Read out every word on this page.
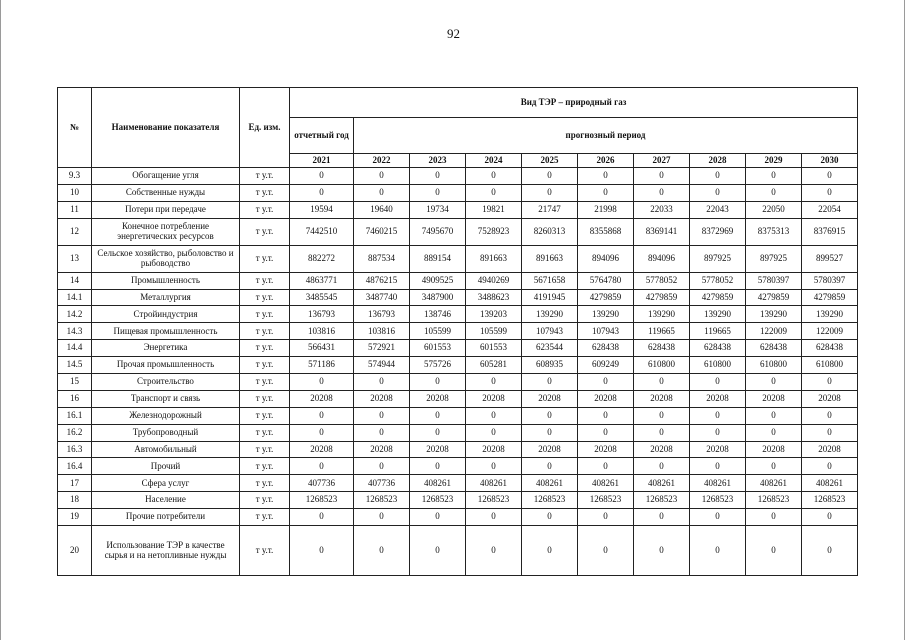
92
№	Наименование показателя	Ед. изм.	Вид ТЭР – природный газ									
			отчетный год	прогнозный период								
			2021	2022	2023	2024	2025	2026	2027	2028	2029	2030
9.3	Обогащение угля	т у.т.	0	0	0	0	0	0	0	0	0	0
10	Собственные нужды	т у.т.	0	0	0	0	0	0	0	0	0	0
11	Потери при передаче	т у.т.	19594	19640	19734	19821	21747	21998	22033	22043	22050	22054
12	Конечное потребление энергетических ресурсов	т у.т.	7442510	7460215	7495670	7528923	8260313	8355868	8369141	8372969	8375313	8376915
13	Сельское хозяйство, рыболовство и рыбоводство	т у.т.	882272	887534	889154	891663	891663	894096	894096	897925	897925	899527
14	Промышленность	т у.т.	4863771	4876215	4909525	4940269	5671658	5764780	5778052	5778052	5780397	5780397
14.1	Металлургия	т у.т.	3485545	3487740	3487900	3488623	4191945	4279859	4279859	4279859	4279859	4279859
14.2	Стройиндустрия	т у.т.	136793	136793	138746	139203	139290	139290	139290	139290	139290	139290
14.3	Пищевая промышленность	т у.т.	103816	103816	105599	105599	107943	107943	119665	119665	122009	122009
14.4	Энергетика	т у.т.	566431	572921	601553	601553	623544	628438	628438	628438	628438	628438
14.5	Прочая промышленность	т у.т.	571186	574944	575726	605281	608935	609249	610800	610800	610800	610800
15	Строительство	т у.т.	0	0	0	0	0	0	0	0	0	0
16	Транспорт и связь	т у.т.	20208	20208	20208	20208	20208	20208	20208	20208	20208	20208
16.1	Железнодорожный	т у.т.	0	0	0	0	0	0	0	0	0	0
16.2	Трубопроводный	т у.т.	0	0	0	0	0	0	0	0	0	0
16.3	Автомобильный	т у.т.	20208	20208	20208	20208	20208	20208	20208	20208	20208	20208
16.4	Прочий	т у.т.	0	0	0	0	0	0	0	0	0	0
17	Сфера услуг	т у.т.	407736	407736	408261	408261	408261	408261	408261	408261	408261	408261
18	Население	т у.т.	1268523	1268523	1268523	1268523	1268523	1268523	1268523	1268523	1268523	1268523
19	Прочие потребители	т у.т.	0	0	0	0	0	0	0	0	0	0
20	Использование ТЭР в качестве сырья и на нетопливные нужды	т у.т.	0	0	0	0	0	0	0	0	0	0
